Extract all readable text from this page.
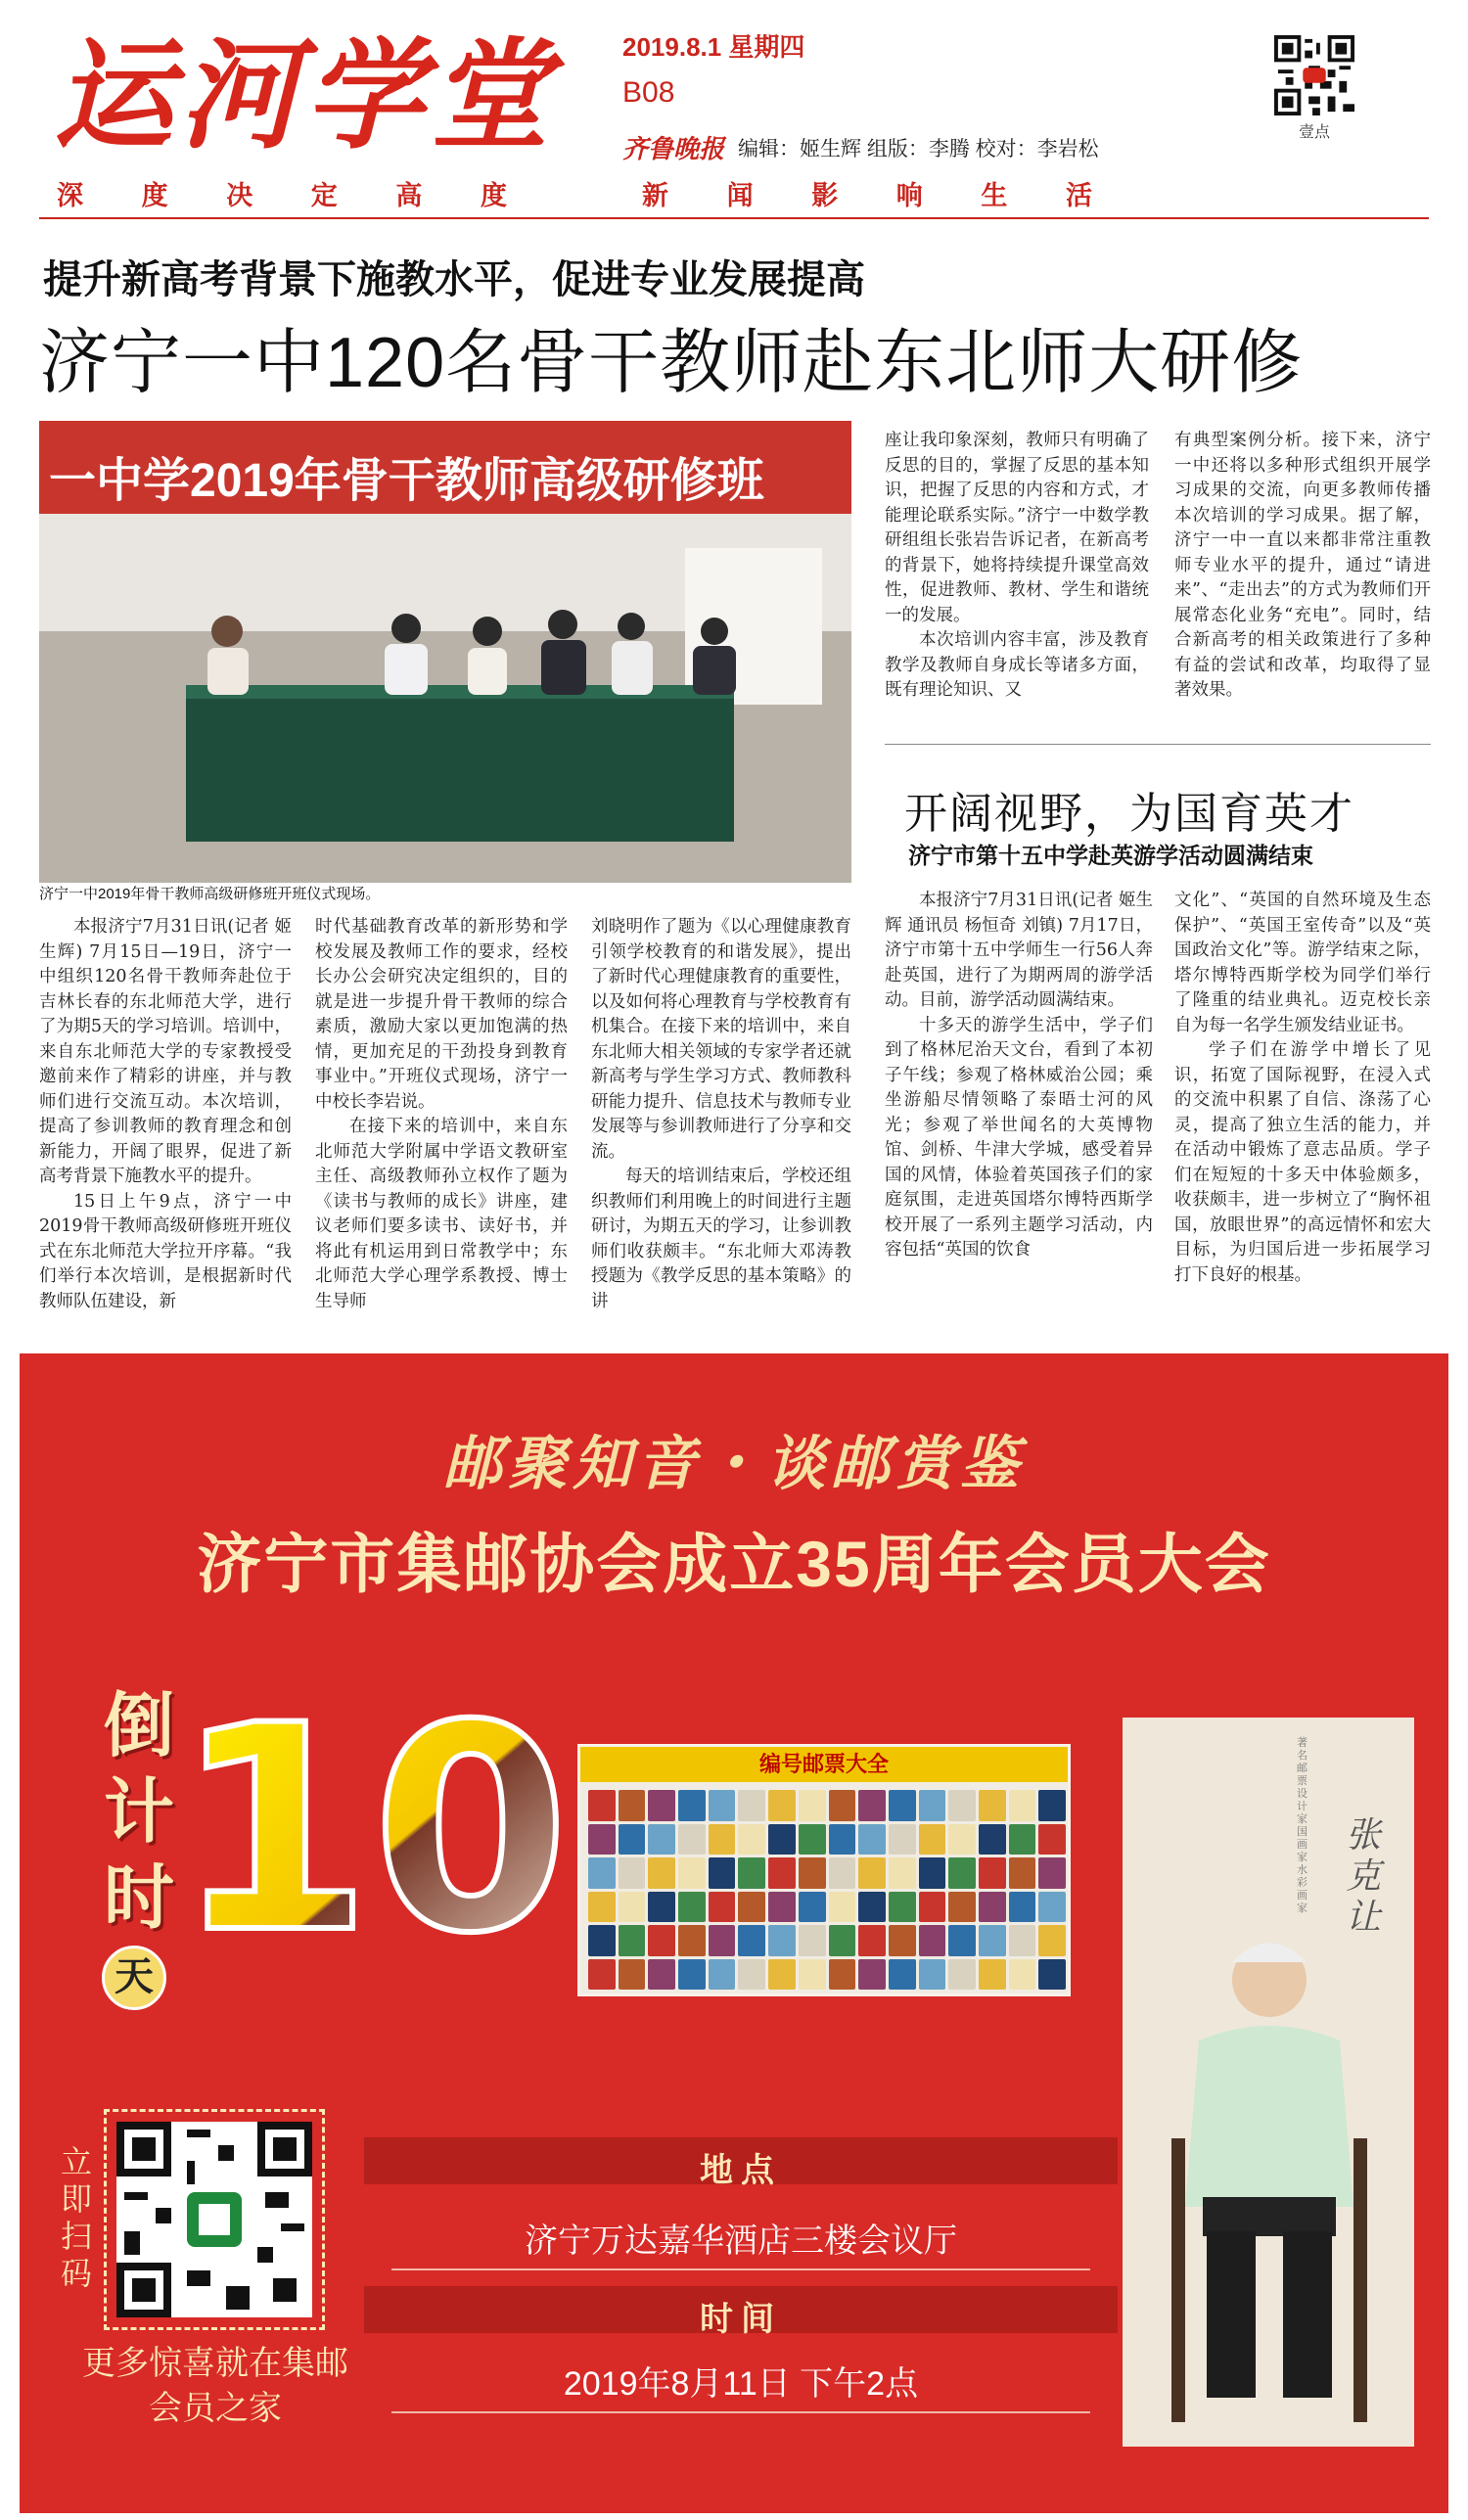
运河学堂
深 度 决 定 高 度	新 闻 影 响 生 活
2019.8.1 星期四
B08
齐鲁晚报 编辑：姬生辉 组版：李腾 校对：李岩松
壹点
提升新高考背景下施教水平，促进专业发展提高
济宁一中120名骨干教师赴东北师大研修
一中学2019年骨干教师高级研修班
济宁一中2019年骨干教师高级研修班开班仪式现场。

本报济宁7月31日讯(记者 姬生辉) 7月15日—19日，济宁一中组织120名骨干教师奔赴位于吉林长春的东北师范大学，进行了为期5天的学习培训。培训中，来自东北师范大学的专家教授受邀前来作了精彩的讲座，并与教师们进行交流互动。本次培训，提高了参训教师的教育理念和创新能力，开阔了眼界，促进了新高考背景下施教水平的提升。

15日上午9点，济宁一中2019骨干教师高级研修班开班仪式在东北师范大学拉开序幕。“我们举行本次培训，是根据新时代教师队伍建设，新

时代基础教育改革的新形势和学校发展及教师工作的要求，经校长办公会研究决定组织的，目的就是进一步提升骨干教师的综合素质，激励大家以更加饱满的热情，更加充足的干劲投身到教育事业中。”开班仪式现场，济宁一中校长李岩说。

在接下来的培训中，来自东北师范大学附属中学语文教研室主任、高级教师孙立权作了题为《读书与教师的成长》讲座，建议老师们要多读书、读好书，并将此有机运用到日常教学中；东北师范大学心理学系教授、博士生导师

刘晓明作了题为《以心理健康教育引领学校教育的和谐发展》，提出了新时代心理健康教育的重要性，以及如何将心理教育与学校教育有机集合。在接下来的培训中，来自东北师大相关领域的专家学者还就新高考与学生学习方式、教师教科研能力提升、信息技术与教师专业发展等与参训教师进行了分享和交流。

每天的培训结束后，学校还组织教师们利用晚上的时间进行主题研讨，为期五天的学习，让参训教师们收获颇丰。“东北师大邓涛教授题为《教学反思的基本策略》的讲

座让我印象深刻，教师只有明确了反思的目的，掌握了反思的基本知识，把握了反思的内容和方式，才能理论联系实际。”济宁一中数学教研组组长张岩告诉记者，在新高考的背景下，她将持续提升课堂高效性，促进教师、教材、学生和谐统一的发展。

本次培训内容丰富，涉及教育教学及教师自身成长等诸多方面，既有理论知识、又

有典型案例分析。接下来，济宁一中还将以多种形式组织开展学习成果的交流，向更多教师传播本次培训的学习成果。据了解，济宁一中一直以来都非常注重教师专业水平的提升，通过“请进来”、“走出去”的方式为教师们开展常态化业务“充电”。同时，结合新高考的相关政策进行了多种有益的尝试和改革，均取得了显著效果。

开阔视野，为国育英才
济宁市第十五中学赴英游学活动圆满结束

本报济宁7月31日讯(记者 姬生辉 通讯员 杨恒奇 刘镇) 7月17日，济宁市第十五中学师生一行56人奔赴英国，进行了为期两周的游学活动。目前，游学活动圆满结束。

十多天的游学生活中，学子们到了格林尼治天文台，看到了本初子午线；参观了格林威治公园；乘坐游船尽情领略了泰晤士河的风光；参观了举世闻名的大英博物馆、剑桥、牛津大学城，感受着异国的风情，体验着英国孩子们的家庭氛围，走进英国塔尔博特西斯学校开展了一系列主题学习活动，内容包括“英国的饮食

文化”、“英国的自然环境及生态保护”、“英国王室传奇”以及“英国政治文化”等。游学结束之际，塔尔博特西斯学校为同学们举行了隆重的结业典礼。迈克校长亲自为每一名学生颁发结业证书。

学子们在游学中增长了见识，拓宽了国际视野，在浸入式的交流中积累了自信、涤荡了心灵，提高了独立生活的能力，并在活动中锻炼了意志品质。学子们在短短的十多天中体验颇多，收获颇丰，进一步树立了“胸怀祖国，放眼世界”的高远情怀和宏大目标，为归国后进一步拓展学习打下良好的根基。

邮聚知音・谈邮赏鉴
济宁市集邮协会成立35周年会员大会
倒
计
时
天 10	编号邮票大全
张克让
著名邮票设计家 国画家 水彩画家
立
即
扫
码
更多惊喜就在集邮会员之家
地点
济宁万达嘉华酒店三楼会议厅
时间
2019年8月11日 下午2点
